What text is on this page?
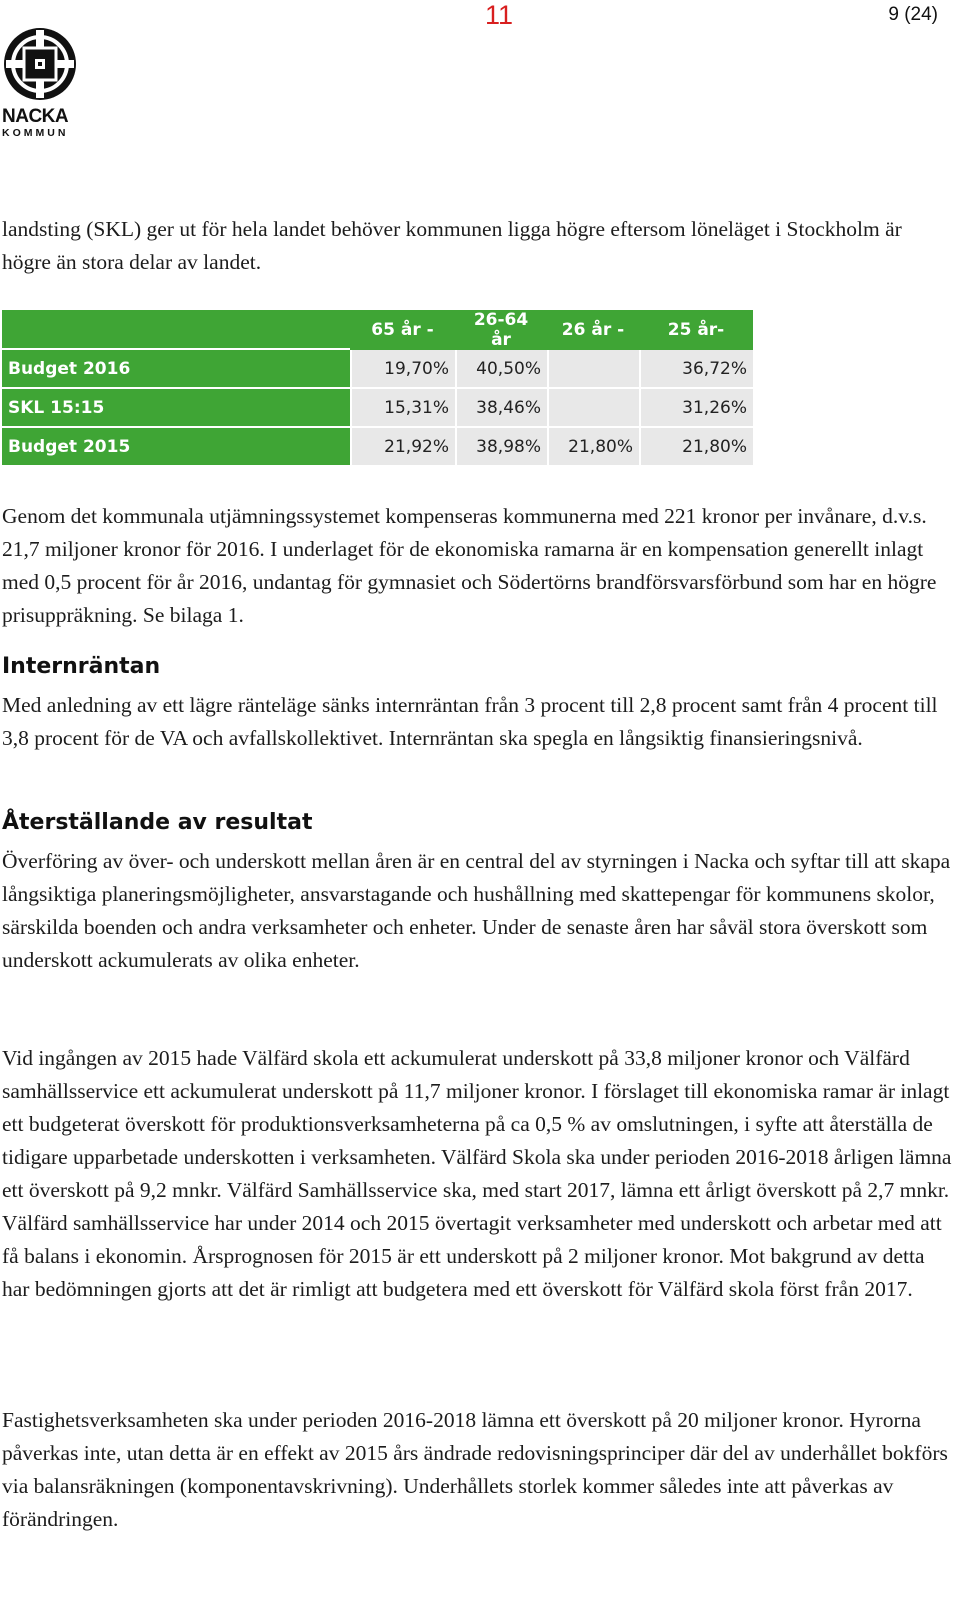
11	9 (24)
NACKA
KOMMUN

landsting (SKL) ger ut för hela landet behöver kommunen ligga högre eftersom löneläget i Stockholm är högre än stora delar av landet.

	65 år -	26-64 år	26 år -	25 år-
Budget 2016	19,70%	40,50%		36,72%
SKL 15:15	15,31%	38,46%		31,26%
Budget 2015	21,92%	38,98%	21,80%	21,80%

Genom det kommunala utjämningssystemet kompenseras kommunerna med 221 kronor per invånare, d.v.s. 21,7 miljoner kronor för 2016. I underlaget för de ekonomiska ramarna är en kompensation generellt inlagt med 0,5 procent för år 2016, undantag för gymnasiet och Södertörns brandförsvarsförbund som har en högre prisuppräkning. Se bilaga 1.

Internräntan

Med anledning av ett lägre ränteläge sänks internräntan från 3 procent till 2,8 procent samt från 4 procent till 3,8 procent för de VA och avfallskollektivet. Internräntan ska spegla en långsiktig finansieringsnivå.

Återställande av resultat

Överföring av över- och underskott mellan åren är en central del av styrningen i Nacka och syftar till att skapa långsiktiga planeringsmöjligheter, ansvarstagande och hushållning med skattepengar för kommunens skolor, särskilda boenden och andra verksamheter och enheter. Under de senaste åren har såväl stora överskott som underskott ackumulerats av olika enheter.

Vid ingången av 2015 hade Välfärd skola ett ackumulerat underskott på 33,8 miljoner kronor och Välfärd samhällsservice ett ackumulerat underskott på 11,7 miljoner kronor. I förslaget till ekonomiska ramar är inlagt ett budgeterat överskott för produktionsverksamheterna på ca 0,5 % av omslutningen, i syfte att återställa de tidigare upparbetade underskotten i verksamheten. Välfärd Skola ska under perioden 2016-2018 årligen lämna ett överskott på 9,2 mnkr. Välfärd Samhällsservice ska, med start 2017, lämna ett årligt överskott på 2,7 mnkr. Välfärd samhällsservice har under 2014 och 2015 övertagit verksamheter med underskott och arbetar med att få balans i ekonomin. Årsprognosen för 2015 är ett underskott på 2 miljoner kronor. Mot bakgrund av detta har bedömningen gjorts att det är rimligt att budgetera med ett överskott för Välfärd skola först från 2017.

Fastighetsverksamheten ska under perioden 2016-2018 lämna ett överskott på 20 miljoner kronor. Hyrorna påverkas inte, utan detta är en effekt av 2015 års ändrade redovisningsprinciper där del av underhållet bokförs via balansräkningen (komponentavskrivning). Underhållets storlek kommer således inte att påverkas av förändringen.
